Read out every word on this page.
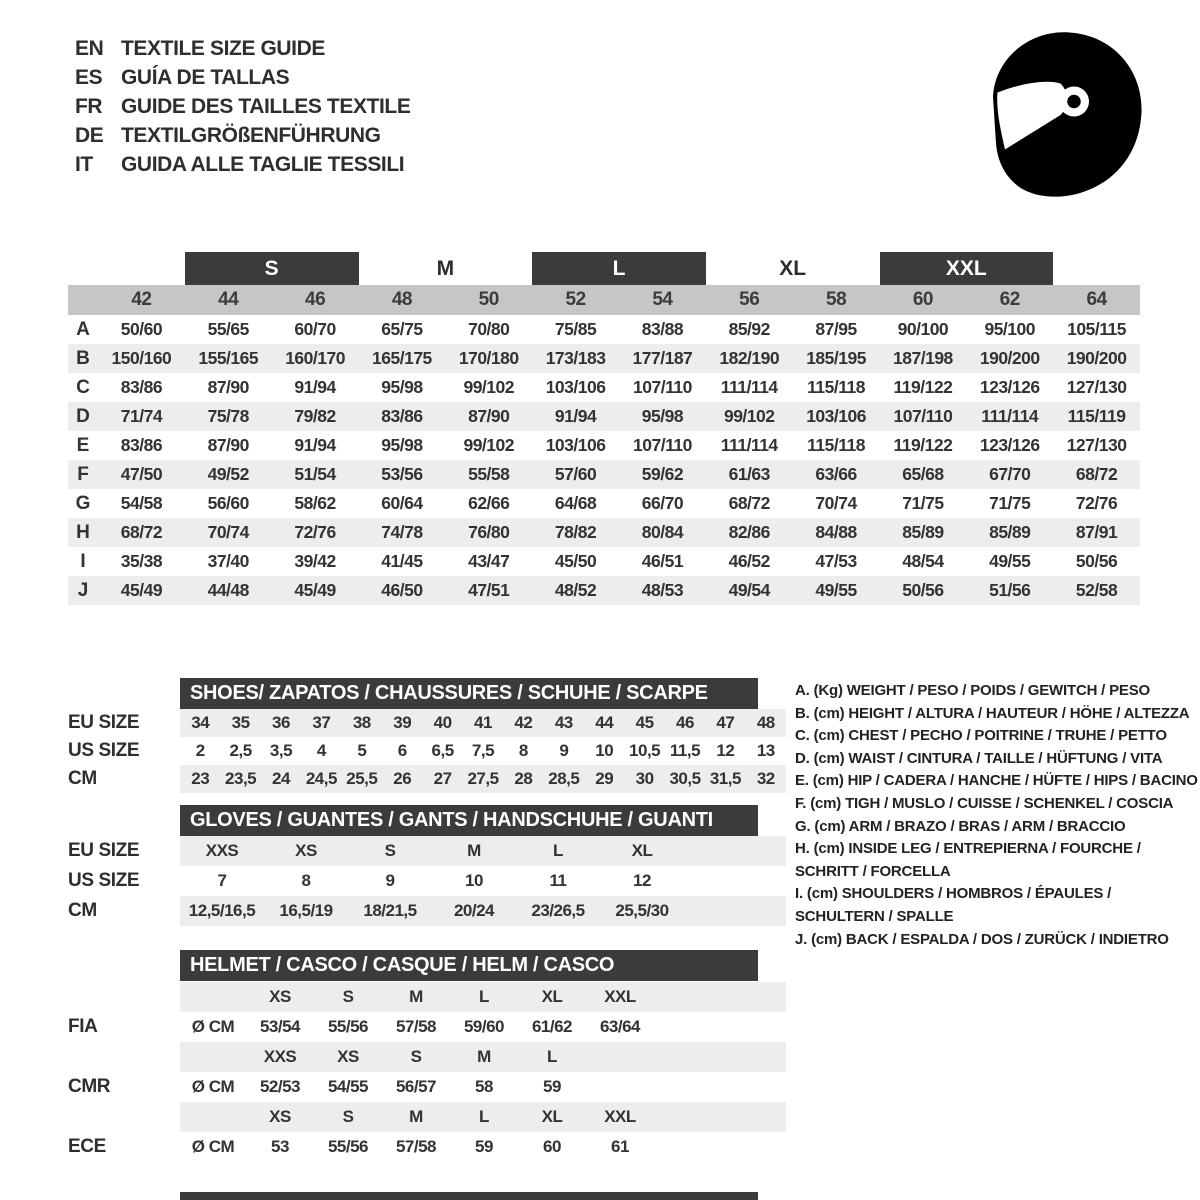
EN TEXTILE SIZE GUIDE
ES GUÍA DE TALLAS
FR GUIDE DES TAILLES TEXTILE
DE TEXTILGRÖßENFÜHRUNG
IT	GUIDA ALLE TAGLIE TESSILI
S	M	L	XL	XXL
42	44	46	48	50	52	54	56	58	60	62	64
A	50/60	55/65	60/70	65/75	70/80	75/85	83/88	85/92	87/95	90/100	95/100	105/115
B	150/160	155/165	160/170	165/175	170/180	173/183	177/187	182/190	185/195	187/198	190/200	190/200
C	83/86	87/90	91/94	95/98	99/102	103/106	107/110	111/114	115/118	119/122	123/126	127/130
D	71/74	75/78	79/82	83/86	87/90	91/94	95/98	99/102	103/106	107/110	111/114	115/119
E	83/86	87/90	91/94	95/98	99/102	103/106	107/110	111/114	115/118	119/122	123/126	127/130
F	47/50	49/52	51/54	53/56	55/58	57/60	59/62	61/63	63/66	65/68	67/70	68/72
G	54/58	56/60	58/62	60/64	62/66	64/68	66/70	68/72	70/74	71/75	71/75	72/76
H	68/72	70/74	72/76	74/78	76/80	78/82	80/84	82/86	84/88	85/89	85/89	87/91
I	35/38	37/40	39/42	41/45	43/47	45/50	46/51	46/52	47/53	48/54	49/55	50/56
J	45/49	44/48	45/49	46/50	47/51	48/52	48/53	49/54	49/55	50/56	51/56	52/58
SHOES/ ZAPATOS / CHAUSSURES / SCHUHE / SCARPE
EU SIZE	34	35	36	37	38	39	40	41	42	43	44	45	46	47	48
US SIZE	2	2,5	3,5	4	5	6	6,5	7,5	8	9	10 10,5 11,5 12	13
CM	23 23,5 24 24,5 25,5 26	27 27,5 28 28,5 29	30 30,5 31,5 32
GLOVES / GUANTES / GANTS / HANDSCHUHE / GUANTI
EU SIZE	XXS	XS	S	M	L	XL
US SIZE	7	8	9	10	11	12
CM	12,5/16,5	16,5/19	18/21,5	20/24	23/26,5	25,5/30
HELMET / CASCO / CASQUE / HELM / CASCO
XS	S	M	L	XL	XXL
FIA	Ø CM	53/54	55/56	57/58	59/60	61/62	63/64
XXS	XS	S	M	L
CMR	Ø CM	52/53	54/55	56/57	58	59
XS	S	M	L	XL	XXL
ECE	Ø CM	53	55/56	57/58	59	60	61
A. (Kg) WEIGHT / PESO / POIDS / GEWITCH / PESO
B. (cm) HEIGHT / ALTURA / HAUTEUR / HÖHE / ALTEZZA
C. (cm) CHEST / PECHO / POITRINE / TRUHE / PETTO
D. (cm) WAIST / CINTURA / TAILLE / HÜFTUNG / VITA
E. (cm) HIP / CADERA / HANCHE / HÜFTE / HIPS / BACINO
F. (cm) TIGH / MUSLO / CUISSE / SCHENKEL / COSCIA
G. (cm) ARM / BRAZO / BRAS / ARM / BRACCIO
H. (cm) INSIDE LEG / ENTREPIERNA / FOURCHE /
SCHRITT / FORCELLA
I. (cm) SHOULDERS / HOMBROS / ÉPAULES /
SCHULTERN / SPALLE
J. (cm) BACK / ESPALDA / DOS / ZURÜCK / INDIETRO
